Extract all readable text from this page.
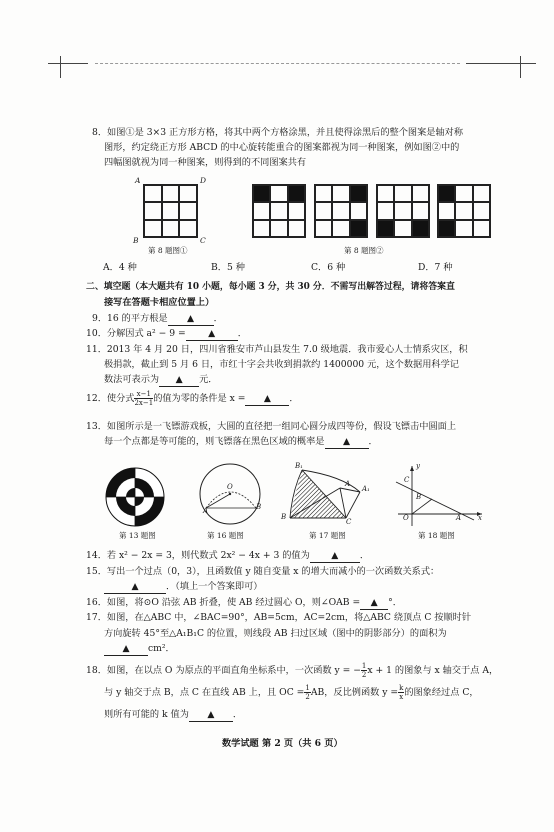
8．如图①是 3×3 正方形方格，将其中两个方格涂黑，并且使得涂黑后的整个图案是轴对称
图形，约定绕正方形 ABCD 的中心旋转能重合的图案都视为同一种图案，例如图②中的
四幅图就视为同一种图案，则得到的不同图案共有
A	D
B	C
第 8 题图①	第 8 题图②
A．4 种	B．5 种	C．6 种	D．7 种
二、填空题（本大题共有 10 小题，每小题 3 分，共 30 分．不需写出解答过程，请将答案直
接写在答题卡相应位置上）
9．16 的平方根是 ▲ ．
10．分解因式 a² − 9 = ▲ ．
11．2013 年 4 月 20 日，四川省雅安市芦山县发生 7.0 级地震．我市爱心人士情系灾区，积
极捐款，截止到 5 月 6 日，市红十字会共收到捐款约 1400000 元，这个数据用科学记
数法可表示为 ▲ 元．
12．使分式 $\frac{x-1}{2x-1}$ 的值为零的条件是 x = ▲ ．
13．如图所示是一飞镖游戏板，大圆的直径把一组同心圆分成四等份，假设飞镖击中圆面上
每一个点都是等可能的，则飞镖落在黑色区域的概率是 ▲ ．
第 13 题图
O
A	B
第 16 题图
B₁
A
A₁
B
C
第 17 题图
y
C
B
O	A x
第 18 题图
14．若 x² − 2x = 3，则代数式 2x² − 4x + 3 的值为 ▲ ．
15．写出一个过点（0，3），且函数值 y 随自变量 x 的增大而减小的一次函数关系式：
▲	．（填上一个答案即可）
16．如图，将⊙O 沿弦 AB 折叠，使 AB 经过圆心 O，则∠OAB = ▲ °．
17．如图，在△ABC 中，∠BAC=90°，AB=5cm，AC=2cm，将△ABC 绕顶点 C 按顺时针
方向旋转 45°至△A₁B₁C 的位置，则线段 AB 扫过区域（图中的阴影部分）的面积为
▲ cm²．
18．如图，在以点 O 为原点的平面直角坐标系中，一次函数 y = − $\frac{1}{2}$ x + 1 的图象与 x 轴交于点 A，
与 y 轴交于点 B，点 C 在直线 AB 上，且 OC = $\frac{1}{2}$ AB，反比例函数 $y = \frac{k}{x}$ 的图象经过点 C，
则所有可能的 k 值为 ▲ ．
数学试题 第 2 页（共 6 页）
